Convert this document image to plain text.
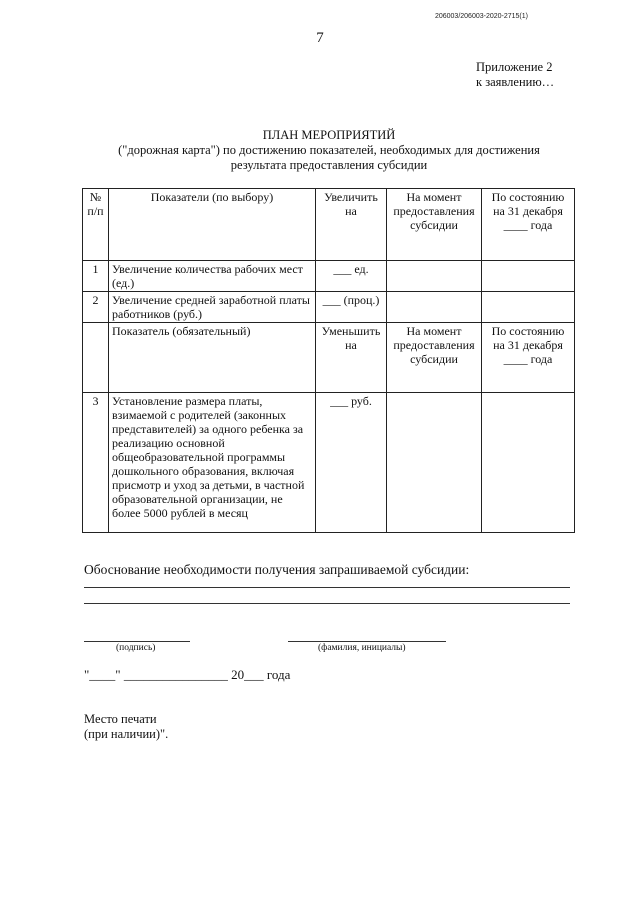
206003/206003-2020-2715(1)
7
Приложение 2
к заявлению…
ПЛАН МЕРОПРИЯТИЙ
("дорожная карта") по достижению показателей, необходимых для достижения
результата предоставления субсидии
№ п/п	Показатели (по выбору)	Увеличить на	На момент предоставления субсидии	По состоянию на 31 декабря ____ года
1	Увеличение количества рабочих мест (ед.)	___ ед.		
2	Увеличение средней заработной платы работников (руб.)	___ (проц.)		
	Показатель (обязательный)	Уменьшить на	На момент предоставления субсидии	По состоянию на 31 декабря ____ года
3	Установление размера платы, взимаемой с родителей (законных представителей) за одного ребенка за реализацию основной общеобразовательной программы дошкольного образования, включая присмотр и уход за детьми, в частной образовательной организации, не более 5000 рублей в месяц	___ руб.		
Обоснование необходимости получения запрашиваемой субсидии:
(подпись)	(фамилия, инициалы)
"____" ________________ 20___ года
Место печати
(при наличии)".
